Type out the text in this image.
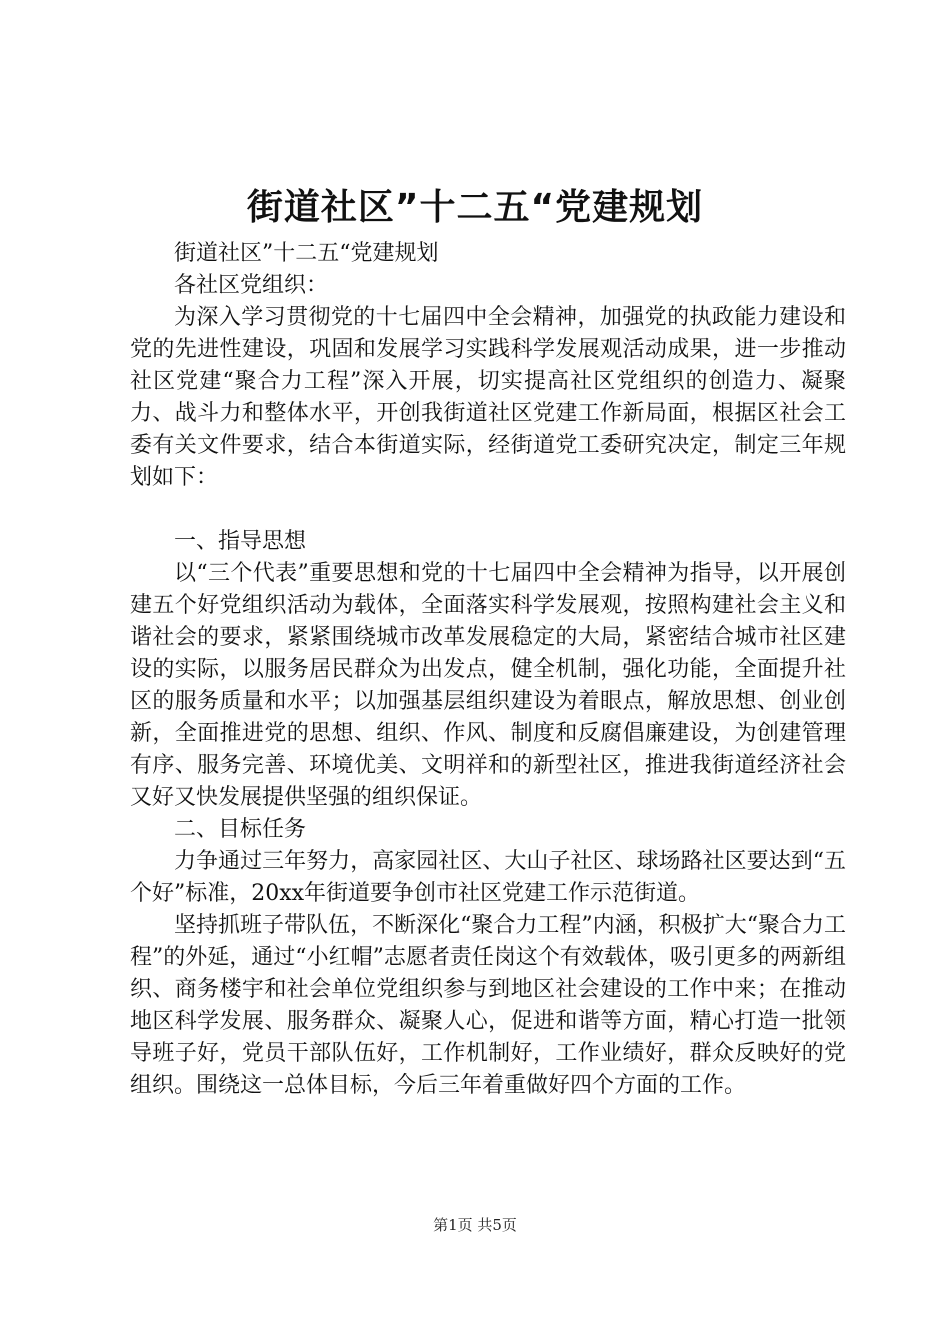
街道社区”十二五“党建规划

街道社区”十二五“党建规划

各社区党组织：

为深入学习贯彻党的十七届四中全会精神，加强党的执政能力建设和党的先进性建设，巩固和发展学习实践科学发展观活动成果，进一步推动社区党建“聚合力工程”深入开展，切实提高社区党组织的创造力、凝聚力、战斗力和整体水平，开创我街道社区党建工作新局面，根据区社会工委有关文件要求，结合本街道实际，经街道党工委研究决定，制定三年规划如下：

一、指导思想

以“三个代表”重要思想和党的十七届四中全会精神为指导，以开展创建五个好党组织活动为载体，全面落实科学发展观，按照构建社会主义和谐社会的要求，紧紧围绕城市改革发展稳定的大局，紧密结合城市社区建设的实际，以服务居民群众为出发点，健全机制，强化功能，全面提升社区的服务质量和水平；以加强基层组织建设为着眼点，解放思想、创业创新，全面推进党的思想、组织、作风、制度和反腐倡廉建设，为创建管理有序、服务完善、环境优美、文明祥和的新型社区，推进我街道经济社会又好又快发展提供坚强的组织保证。

二、目标任务

力争通过三年努力，高家园社区、大山子社区、球场路社区要达到“五个好”标准，20xx年街道要争创市社区党建工作示范街道。

坚持抓班子带队伍，不断深化“聚合力工程”内涵，积极扩大“聚合力工程”的外延，通过“小红帽”志愿者责任岗这个有效载体，吸引更多的两新组织、商务楼宇和社会单位党组织参与到地区社会建设的工作中来；在推动地区科学发展、服务群众、凝聚人心，促进和谐等方面，精心打造一批领导班子好，党员干部队伍好，工作机制好，工作业绩好，群众反映好的党组织。围绕这一总体目标，今后三年着重做好四个方面的工作。

第1页 共5页
